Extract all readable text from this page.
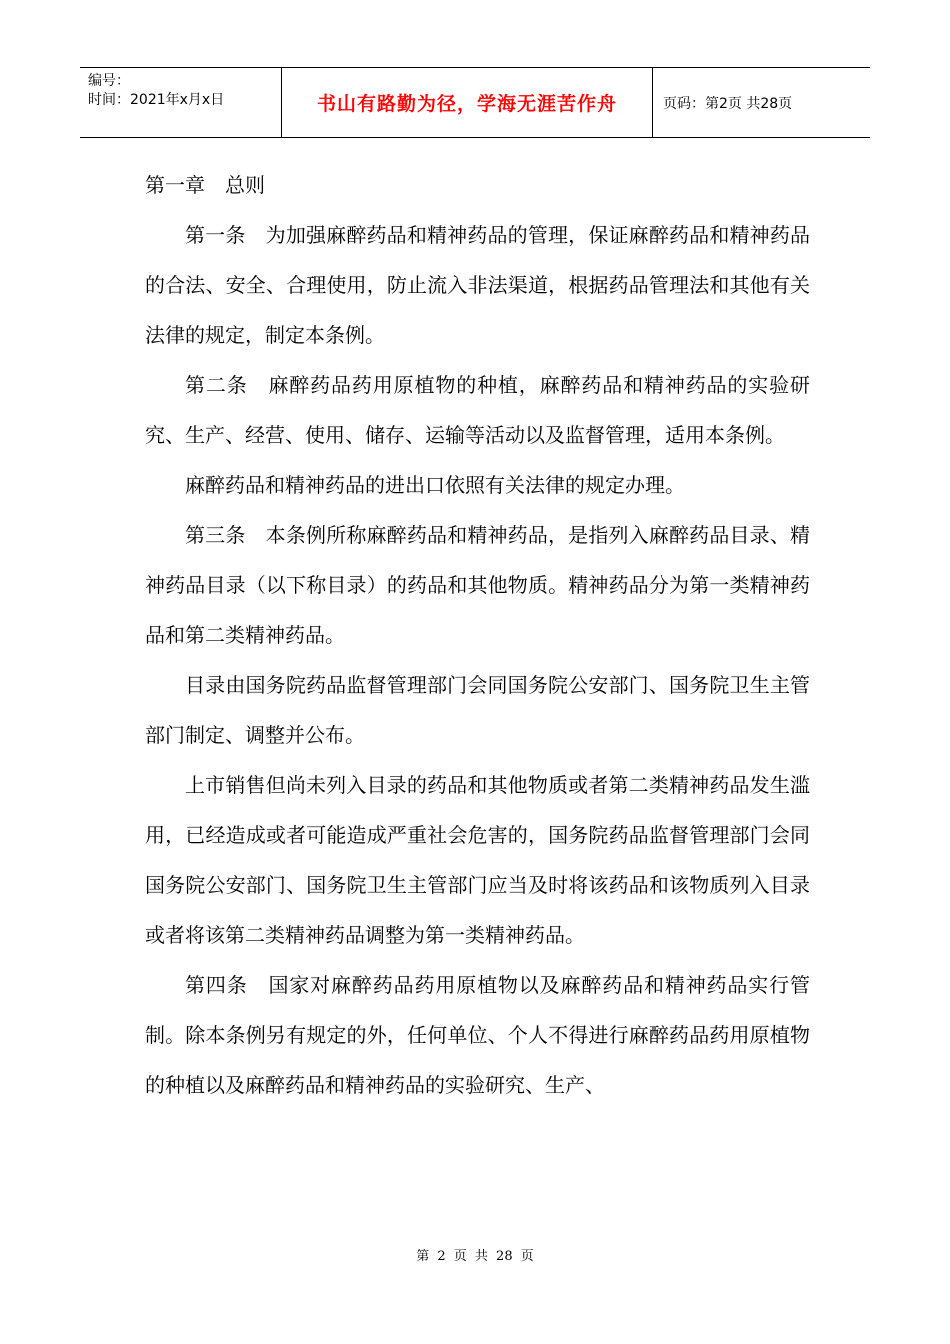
编号：
时间：2021年x月x日	书山有路勤为径，学海无涯苦作舟	页码：第2页 共28页

第一章　总则

第一条　为加强麻醉药品和精神药品的管理，保证麻醉药品和精神药品的合法、安全、合理使用，防止流入非法渠道，根据药品管理法和其他有关法律的规定，制定本条例。

第二条　麻醉药品药用原植物的种植，麻醉药品和精神药品的实验研究、生产、经营、使用、储存、运输等活动以及监督管理，适用本条例。

麻醉药品和精神药品的进出口依照有关法律的规定办理。

第三条　本条例所称麻醉药品和精神药品，是指列入麻醉药品目录、精神药品目录（以下称目录）的药品和其他物质。精神药品分为第一类精神药品和第二类精神药品。

目录由国务院药品监督管理部门会同国务院公安部门、国务院卫生主管部门制定、调整并公布。

上市销售但尚未列入目录的药品和其他物质或者第二类精神药品发生滥用，已经造成或者可能造成严重社会危害的，国务院药品监督管理部门会同国务院公安部门、国务院卫生主管部门应当及时将该药品和该物质列入目录或者将该第二类精神药品调整为第一类精神药品。

第四条　国家对麻醉药品药用原植物以及麻醉药品和精神药品实行管制。除本条例另有规定的外，任何单位、个人不得进行麻醉药品药用原植物的种植以及麻醉药品和精神药品的实验研究、生产、

第 2 页 共 28 页
